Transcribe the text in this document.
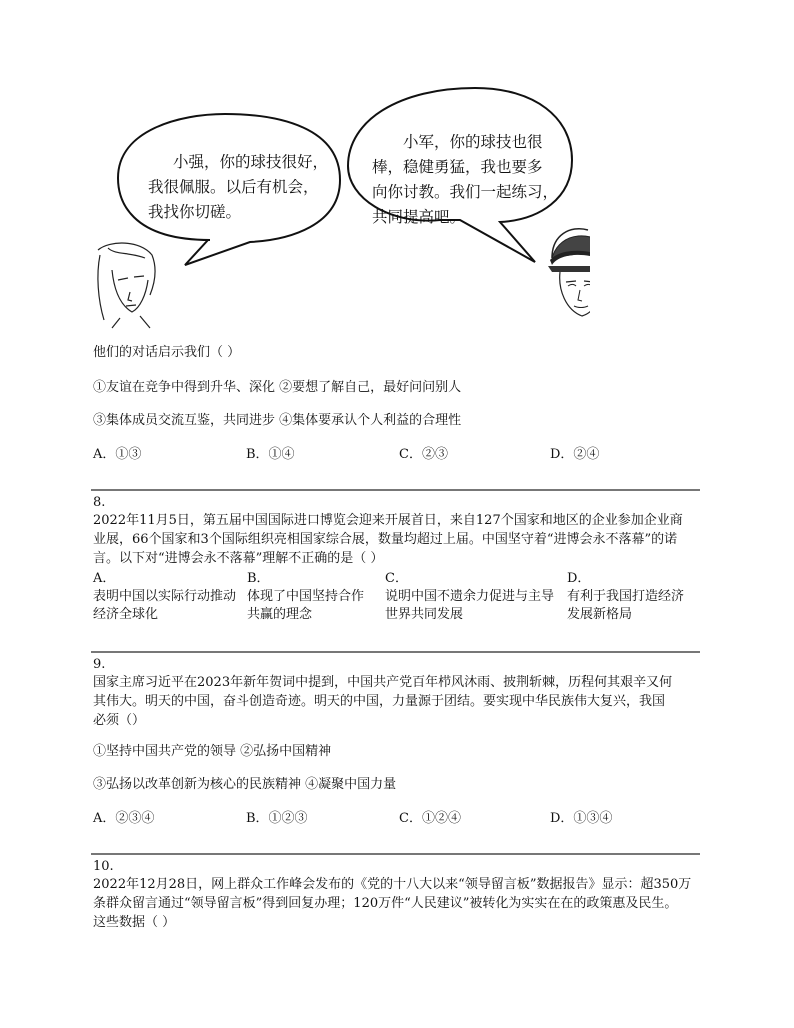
小强，你的球技很好，
我很佩服。以后有机会，
我找你切磋。
小军，你的球技也很
棒，稳健勇猛，我也要多
向你讨教。我们一起练习，
共同提高吧。
他们的对话启示我们（ ）
①友谊在竞争中得到升华、深化 ②要想了解自己，最好问问别人
③集体成员交流互鉴，共同进步 ④集体要承认个人利益的合理性
A．①③	B．①④	C．②③	D．②④
8.
2022年11月5日，第五届中国国际进口博览会迎来开展首日，来自127个国家和地区的企业参加企业商
业展，66个国家和3个国际组织亮相国家综合展，数量均超过上届。中国坚守着“进博会永不落幕”的诺
言。以下对“进博会永不落幕”理解不正确的是（ ）
A．
表明中国以实际行动推动
经济全球化
B．
体现了中国坚持合作
共赢的理念
C．
说明中国不遗余力促进与主导
世界共同发展
D．
有利于我国打造经济
发展新格局
9.
国家主席习近平在2023年新年贺词中提到，中国共产党百年栉风沐雨、披荆斩棘，历程何其艰辛又何
其伟大。明天的中国，奋斗创造奇迹。明天的中国，力量源于团结。要实现中华民族伟大复兴，我国
必须（）
①坚持中国共产党的领导 ②弘扬中国精神
③弘扬以改革创新为核心的民族精神 ④凝聚中国力量
A．②③④	B．①②③	C．①②④	D．①③④
10.
2022年12月28日，网上群众工作峰会发布的《党的十八大以来“领导留言板”数据报告》显示：超350万
条群众留言通过“领导留言板”得到回复办理；120万件“人民建议”被转化为实实在在的政策惠及民生。
这些数据（ ）
